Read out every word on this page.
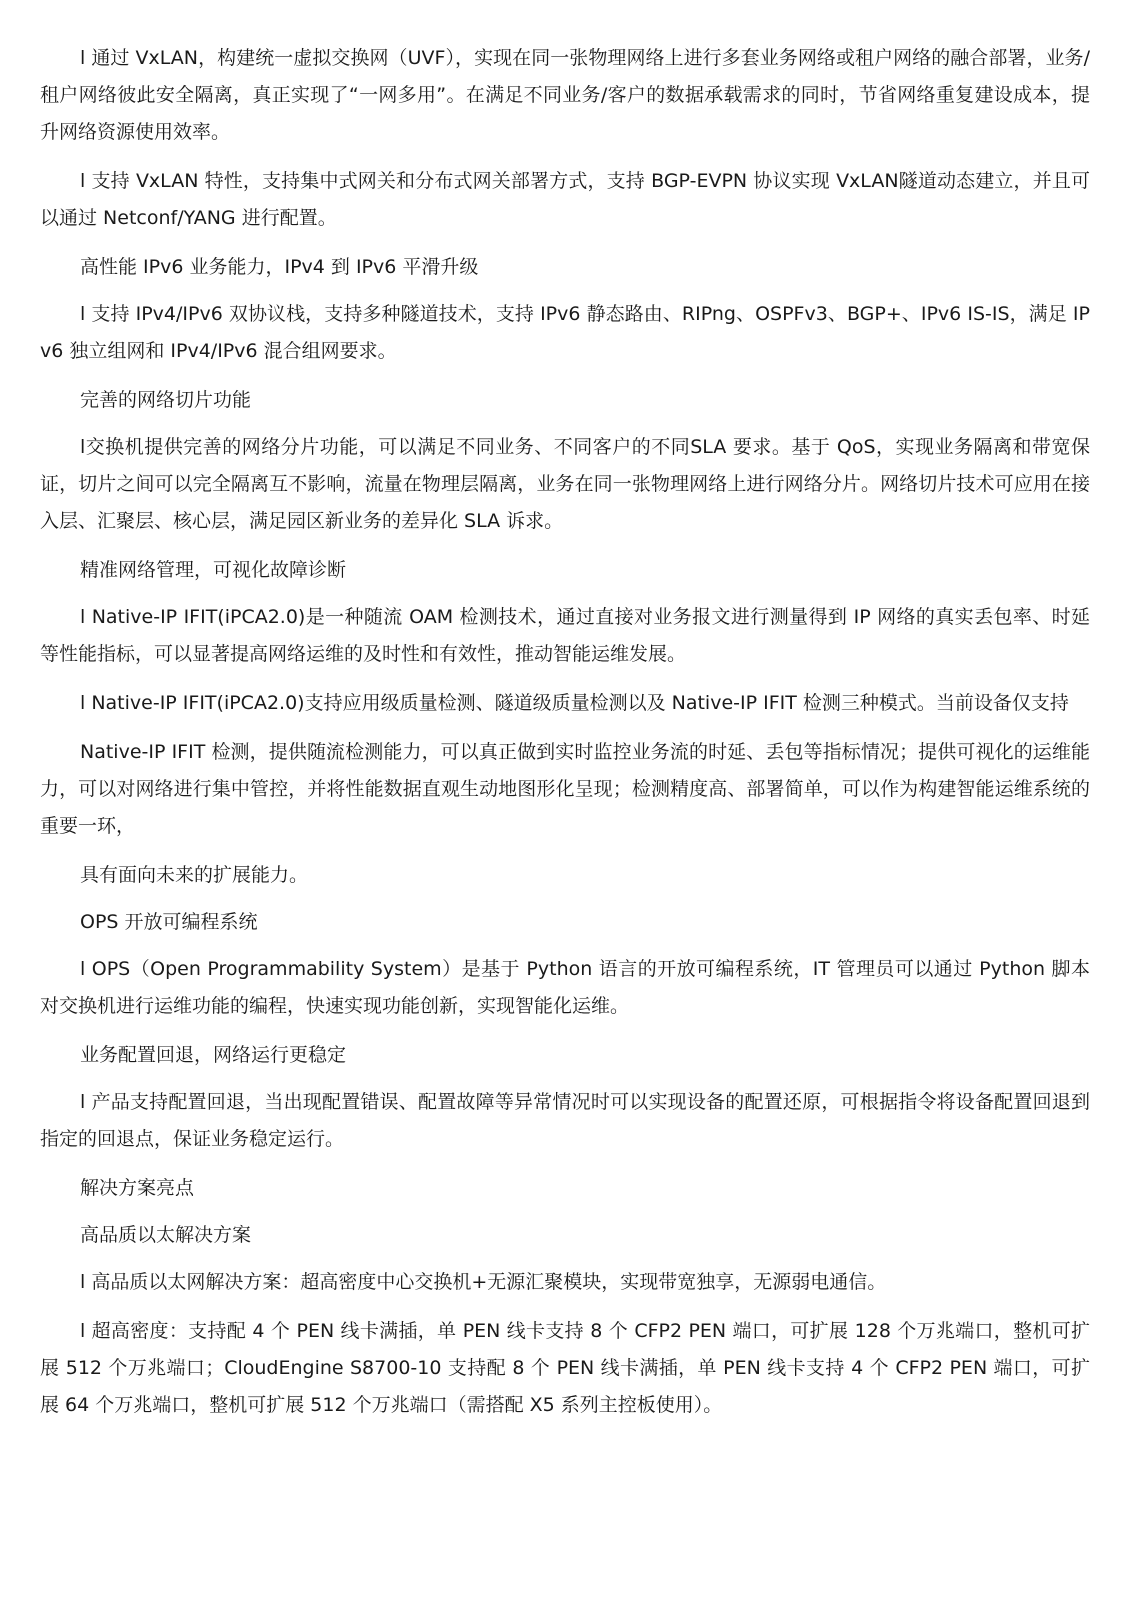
l 通过 VxLAN，构建统一虚拟交换网（UVF），实现在同一张物理网络上进行多套业务网络或租户网络的融合部署，业务/租户网络彼此安全隔离，真正实现了“一网多用”。在满足不同业务/客户的数据承载需求的同时，节省网络重复建设成本，提升网络资源使用效率。

l 支持 VxLAN 特性，支持集中式网关和分布式网关部署方式，支持 BGP-EVPN 协议实现 VxLAN隧道动态建立，并且可以通过 Netconf/YANG 进行配置。

高性能 IPv6 业务能力，IPv4 到 IPv6 平滑升级

l 支持 IPv4/IPv6 双协议栈，支持多种隧道技术，支持 IPv6 静态路由、RIPng、OSPFv3、BGP+、IPv6 IS-IS，满足 IPv6 独立组网和 IPv4/IPv6 混合组网要求。

完善的网络切片功能

l交换机提供完善的网络分片功能，可以满足不同业务、不同客户的不同SLA 要求。基于 QoS，实现业务隔离和带宽保证，切片之间可以完全隔离互不影响，流量在物理层隔离，业务在同一张物理网络上进行网络分片。网络切片技术可应用在接入层、汇聚层、核心层，满足园区新业务的差异化 SLA 诉求。

精准网络管理，可视化故障诊断

l Native-IP IFIT(iPCA2.0)是一种随流 OAM 检测技术，通过直接对业务报文进行测量得到 IP 网络的真实丢包率、时延等性能指标，可以显著提高网络运维的及时性和有效性，推动智能运维发展。

l Native-IP IFIT(iPCA2.0)支持应用级质量检测、隧道级质量检测以及 Native-IP IFIT 检测三种模式。当前设备仅支持

Native-IP IFIT 检测，提供随流检测能力，可以真正做到实时监控业务流的时延、丢包等指标情况；提供可视化的运维能力，可以对网络进行集中管控，并将性能数据直观生动地图形化呈现；检测精度高、部署简单，可以作为构建智能运维系统的重要一环，

具有面向未来的扩展能力。

OPS 开放可编程系统

l OPS（Open Programmability System）是基于 Python 语言的开放可编程系统，IT 管理员可以通过 Python 脚本对交换机进行运维功能的编程，快速实现功能创新，实现智能化运维。

业务配置回退，网络运行更稳定

l 产品支持配置回退，当出现配置错误、配置故障等异常情况时可以实现设备的配置还原，可根据指令将设备配置回退到指定的回退点，保证业务稳定运行。

解决方案亮点

高品质以太解决方案

l 高品质以太网解决方案：超高密度中心交换机+无源汇聚模块，实现带宽独享，无源弱电通信。

l 超高密度：支持配 4 个 PEN 线卡满插，单 PEN 线卡支持 8 个 CFP2 PEN 端口，可扩展 128 个万兆端口，整机可扩展 512 个万兆端口；CloudEngine S8700-10 支持配 8 个 PEN 线卡满插，单 PEN 线卡支持 4 个 CFP2 PEN 端口，可扩展 64 个万兆端口，整机可扩展 512 个万兆端口（需搭配 X5 系列主控板使用）。
